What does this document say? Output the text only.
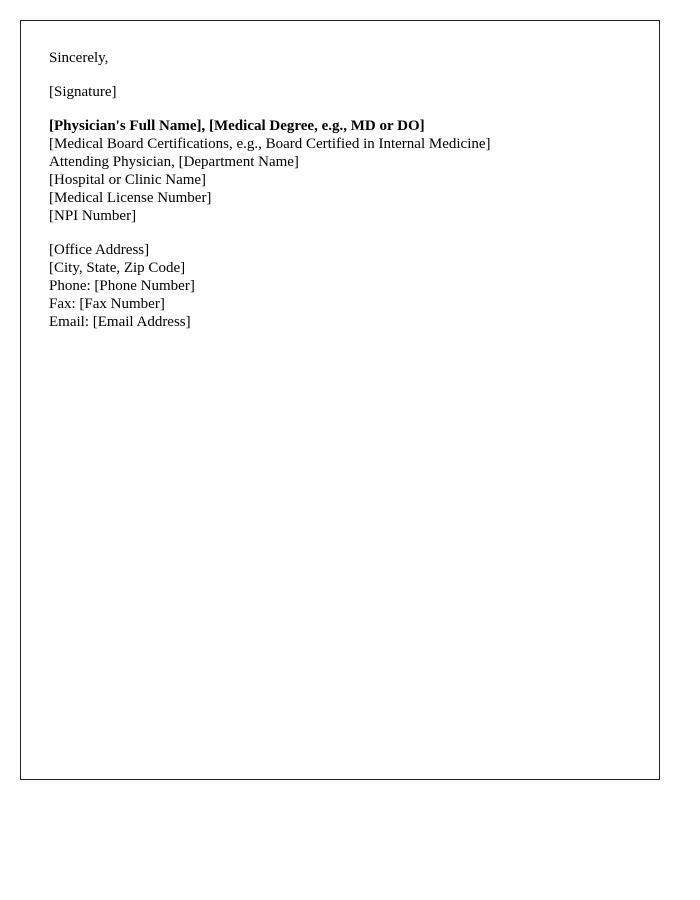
Sincerely,

[Signature]

[Physician's Full Name], [Medical Degree, e.g., MD or DO]

[Medical Board Certifications, e.g., Board Certified in Internal Medicine]

Attending Physician, [Department Name]

[Hospital or Clinic Name]

[Medical License Number]

[NPI Number]

[Office Address]

[City, State, Zip Code]

Phone: [Phone Number]

Fax: [Fax Number]

Email: [Email Address]
